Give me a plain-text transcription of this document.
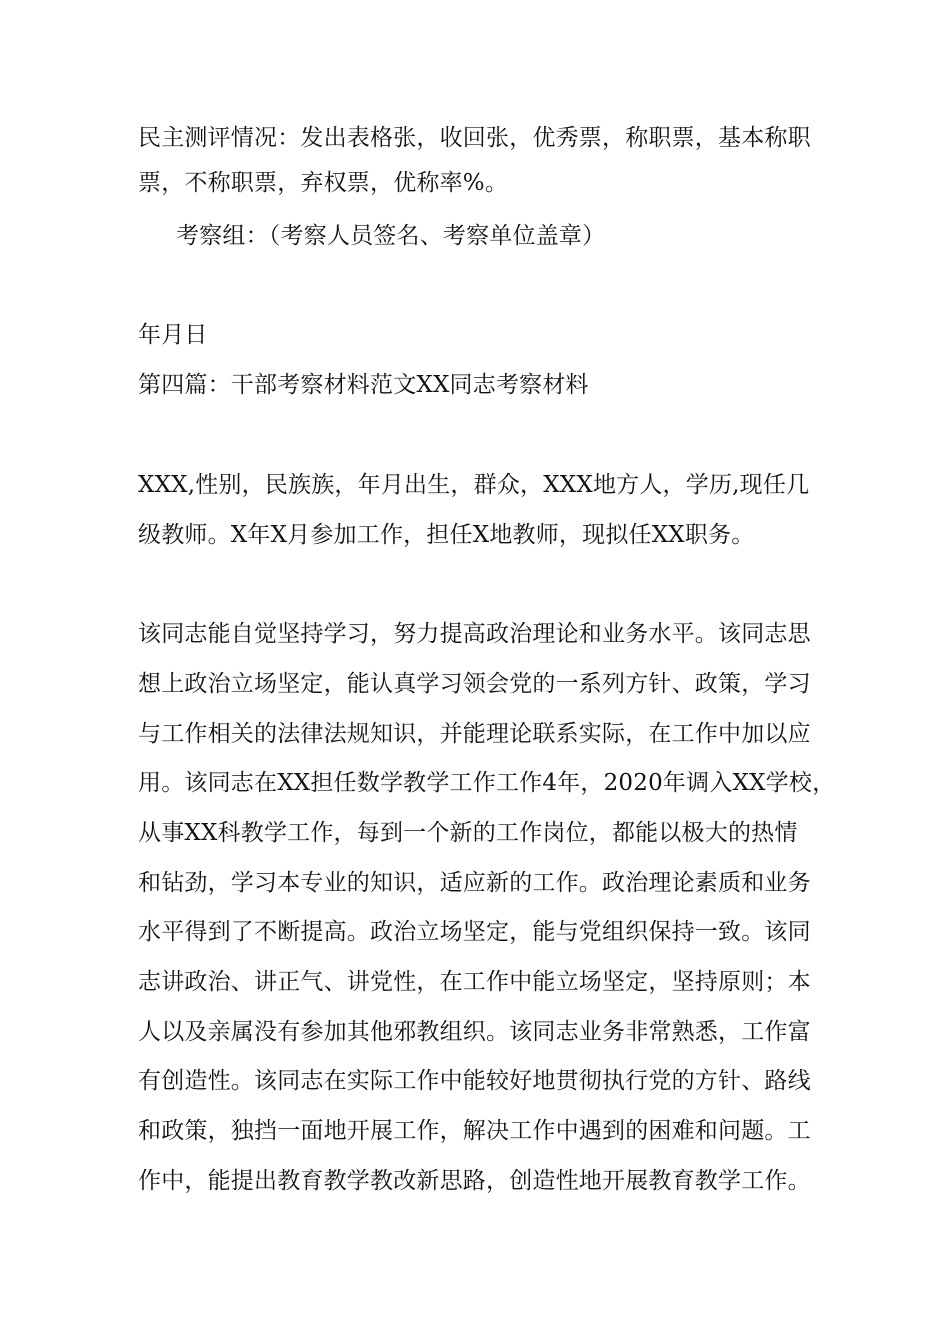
民主测评情况：发出表格张，收回张，优秀票，称职票，基本称职
票，不称职票，弃权票，优称率%。
考察组：（考察人员签名、考察单位盖章）
年月日
第四篇：干部考察材料范文XX同志考察材料
XXX,性别，民族族，年月出生，群众，XXX地方人，学历,现任几
级教师。X年X月参加工作，担任X地教师，现拟任XX职务。
该同志能自觉坚持学习，努力提高政治理论和业务水平。该同志思
想上政治立场坚定，能认真学习领会党的一系列方针、政策，学习
与工作相关的法律法规知识，并能理论联系实际，在工作中加以应
用。该同志在XX担任数学教学工作工作4年，2020年调入XX学校，
从事XX科教学工作，每到一个新的工作岗位，都能以极大的热情
和钻劲，学习本专业的知识，适应新的工作。政治理论素质和业务
水平得到了不断提高。政治立场坚定，能与党组织保持一致。该同
志讲政治、讲正气、讲党性，在工作中能立场坚定，坚持原则；本
人以及亲属没有参加其他邪教组织。该同志业务非常熟悉，工作富
有创造性。该同志在实际工作中能较好地贯彻执行党的方针、路线
和政策，独挡一面地开展工作，解决工作中遇到的困难和问题。工
作中，能提出教育教学教改新思路，创造性地开展教育教学工作。
